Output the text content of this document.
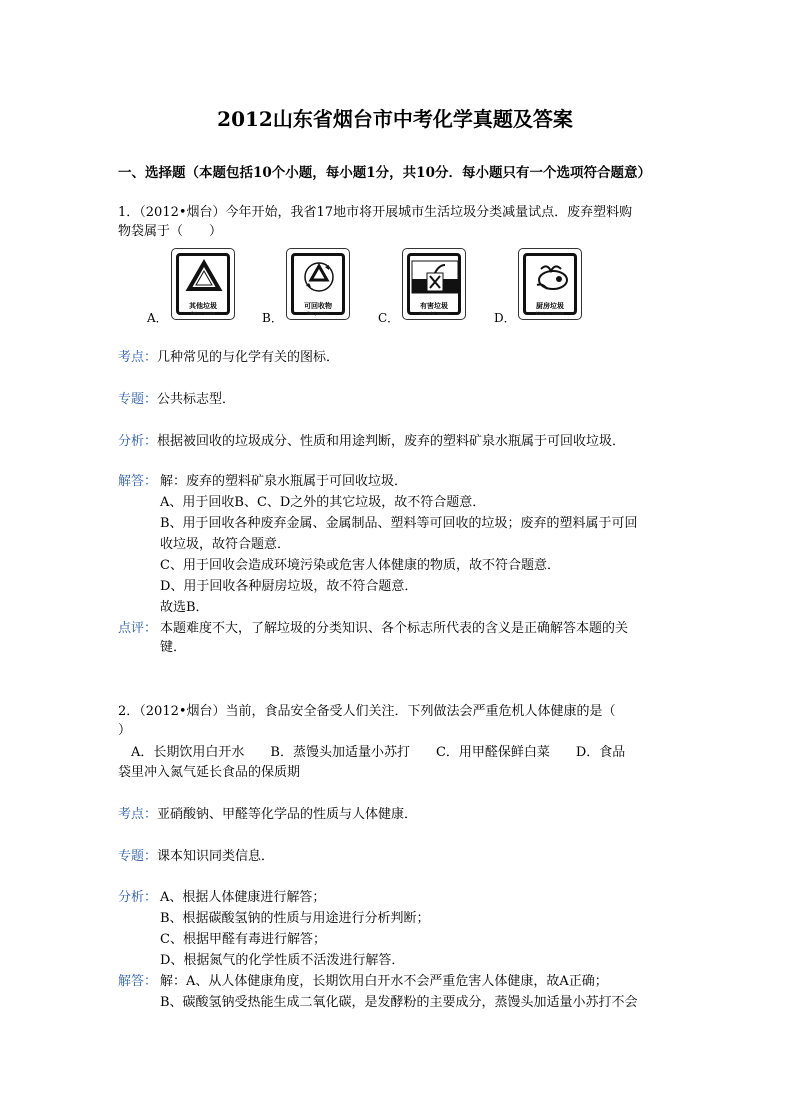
2012山东省烟台市中考化学真题及答案
一、选择题（本题包括10个小题，每小题1分，共10分．每小题只有一个选项符合题意）
1．（2012•烟台）今年开始，我省17地市将开展城市生活垃圾分类减量试点．废弃塑料购
物袋属于（　　）
A．
其他垃圾
Other waste	B．
可回收物
Recyclable	C．
有害垃圾
Harmful waste	D．
厨房垃圾
Kitchen waste
考点：几种常见的与化学有关的图标．
专题：公共标志型．
分析：根据被回收的垃圾成分、性质和用途判断，废弃的塑料矿泉水瓶属于可回收垃圾．
解答： 解：废弃的塑料矿泉水瓶属于可回收垃圾．
A、用于回收B、C、D之外的其它垃圾，故不符合题意．
B、用于回收各种废弃金属、金属制品、塑料等可回收的垃圾；废弃的塑料属于可回
收垃圾，故符合题意．
C、用于回收会造成环境污染或危害人体健康的物质，故不符合题意．
D、用于回收各种厨房垃圾，故不符合题意．
故选B．
点评： 本题难度不大，了解垃圾的分类知识、各个标志所代表的含义是正确解答本题的关
键．
2．（2012•烟台）当前，食品安全备受人们关注．下列做法会严重危机人体健康的是（
）
　A．长期饮用白开水　　B．蒸馒头加适量小苏打　　C．用甲醛保鲜白菜　　D．食品
袋里冲入氮气延长食品的保质期
考点：亚硝酸钠、甲醛等化学品的性质与人体健康．
专题：课本知识同类信息．
分析： A、根据人体健康进行解答；
B、根据碳酸氢钠的性质与用途进行分析判断；
C、根据甲醛有毒进行解答；
D、根据氮气的化学性质不活泼进行解答．
解答： 解：A、从人体健康角度，长期饮用白开水不会严重危害人体健康，故A正确；
B、碳酸氢钠受热能生成二氧化碳，是发酵粉的主要成分，蒸馒头加适量小苏打不会
